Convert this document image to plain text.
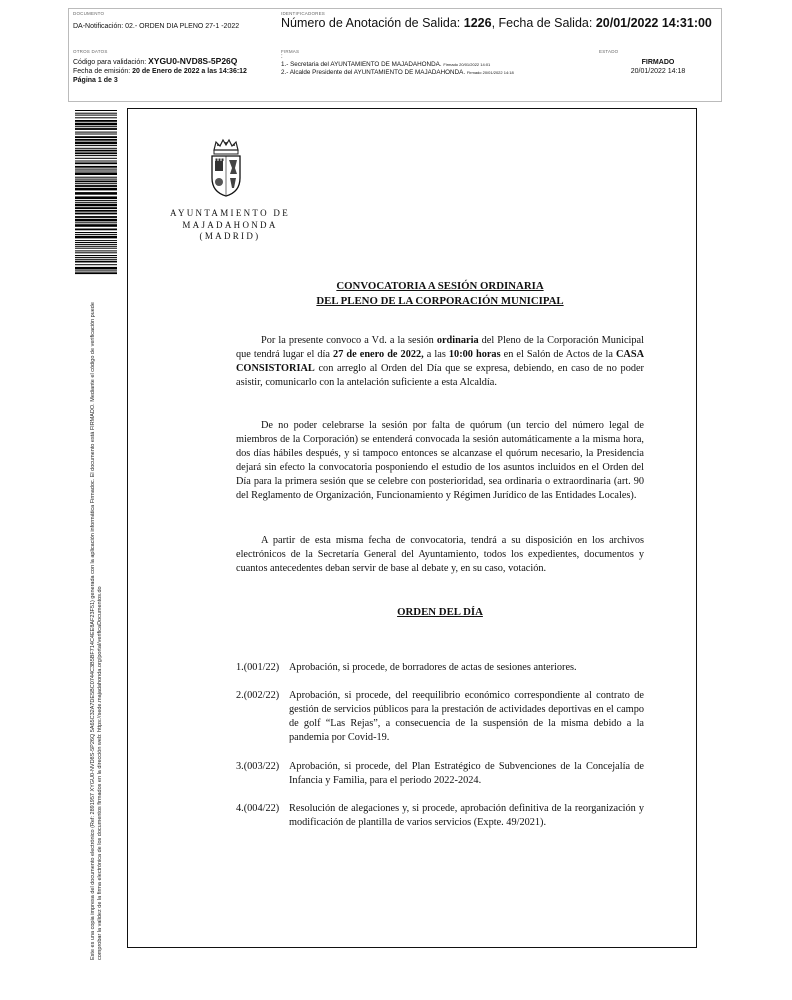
DOCUMENTO
DA-Notificación: 02.- ORDEN DIA PLENO 27-1 -2022
IDENTIFICADORES
Número de Anotación de Salida: 1226, Fecha de Salida: 20/01/2022 14:31:00
OTROS DATOS
Código para validación: XYGU0-NVD8S-5P26Q
Fecha de emisión: 20 de Enero de 2022 a las 14:36:12
Página 1 de 3
FIRMAS
:
1.- Secretaria del AYUNTAMIENTO DE MAJADAHONDA. Firmado 20/01/2022 14:01
2.- Alcalde Presidente del AYUNTAMIENTO DE MAJADAHONDA. Firmado 20/01/2022 14:18
ESTADO
FIRMADO
20/01/2022 14:18
Este es una copia impresa del documento electrónico (Ref: 2891957 XYGU0-NVD8S-5P26Q 5A65C32A7DE5BC0744C3B5BF714C4EE8AF23F51) generada con la aplicación informática Firmadoc. El documento está FIRMADO. Mediante el código de verificación puede comprobar la validez de la firma electrónica de los documentos firmados en la dirección web: https://sede.majadahonda.org/portal/verificaDocumentos.do
AYUNTAMIENTO DE
MAJADAHONDA
(MADRID)
CONVOCATORIA A SESIÓN ORDINARIA
DEL PLENO DE LA CORPORACIÓN MUNICIPAL
Por la presente convoco a Vd. a la sesión ordinaria del Pleno de la Corporación Municipal que tendrá lugar el día 27 de enero de 2022, a las 10:00 horas en el Salón de Actos de la CASA CONSISTORIAL con arreglo al Orden del Día que se expresa, debiendo, en caso de no poder asistir, comunicarlo con la antelación suficiente a esta Alcaldía.
De no poder celebrarse la sesión por falta de quórum (un tercio del número legal de miembros de la Corporación) se entenderá convocada la sesión automáticamente a la misma hora, dos días hábiles después, y si tampoco entonces se alcanzase el quórum necesario, la Presidencia dejará sin efecto la convocatoria posponiendo el estudio de los asuntos incluidos en el Orden del Día para la primera sesión que se celebre con posterioridad, sea ordinaria o extraordinaria (art. 90 del Reglamento de Organización, Funcionamiento y Régimen Jurídico de las Entidades Locales).
A partir de esta misma fecha de convocatoria, tendrá a su disposición en los archivos electrónicos de la Secretaría General del Ayuntamiento, todos los expedientes, documentos y cuantos antecedentes deban servir de base al debate y, en su caso, votación.
ORDEN DEL DÍA
1.(001/22) Aprobación, si procede, de borradores de actas de sesiones anteriores.
2.(002/22) Aprobación, si procede, del reequilibrio económico correspondiente al contrato de gestión de servicios públicos para la prestación de actividades deportivas en el campo de golf “Las Rejas”, a consecuencia de la suspensión de la misma debido a la pandemia por Covid-19.
3.(003/22) Aprobación, si procede, del Plan Estratégico de Subvenciones de la Concejalía de Infancia y Familia, para el periodo 2022-2024.
4.(004/22) Resolución de alegaciones y, si procede, aprobación definitiva de la reorganización y modificación de plantilla de varios servicios (Expte. 49/2021).
